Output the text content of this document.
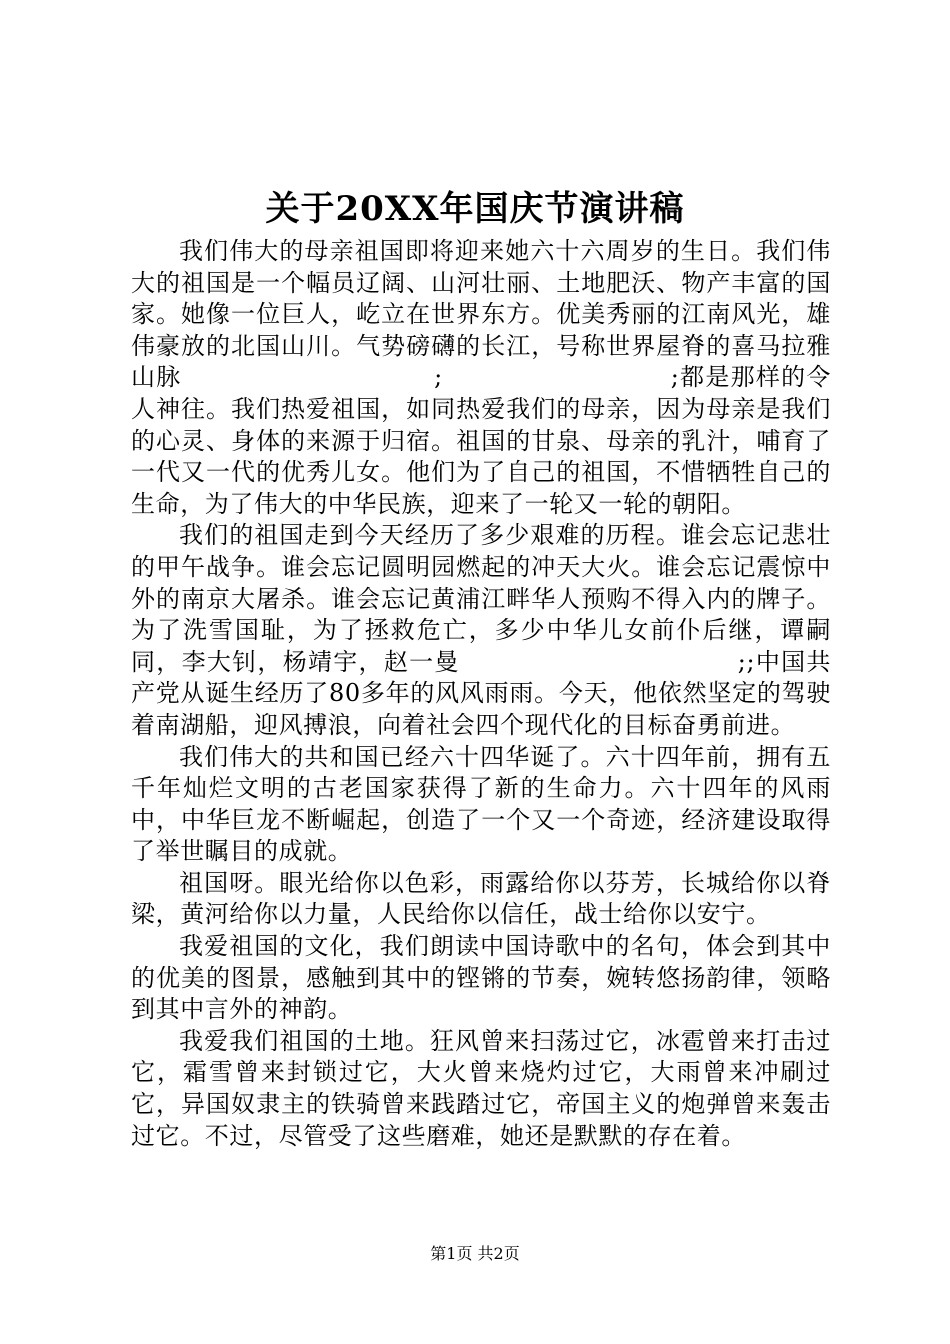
关于20XX年国庆节演讲稿

我们伟大的母亲祖国即将迎来她六十六周岁的生日。我们伟大的祖国是一个幅员辽阔、山河壮丽、土地肥沃、物产丰富的国家。她像一位巨人，屹立在世界东方。优美秀丽的江南风光，雄伟豪放的北国山川。气势磅礴的长江，号称世界屋脊的喜马拉雅山脉　　　　　　　　　　;　　　　　　　　　;都是那样的令人神往。我们热爱祖国，如同热爱我们的母亲，因为母亲是我们的心灵、身体的来源于归宿。祖国的甘泉、母亲的乳汁，哺育了一代又一代的优秀儿女。他们为了自己的祖国，不惜牺牲自己的生命，为了伟大的中华民族，迎来了一轮又一轮的朝阳。

我们的祖国走到今天经历了多少艰难的历程。谁会忘记悲壮的甲午战争。谁会忘记圆明园燃起的冲天大火。谁会忘记震惊中外的南京大屠杀。谁会忘记黄浦江畔华人预购不得入内的牌子。为了洗雪国耻，为了拯救危亡，多少中华儿女前仆后继，谭嗣同，李大钊，杨靖宇，赵一曼　　　　　　　　　　　;;中国共产党从诞生经历了80多年的风风雨雨。今天，他依然坚定的驾驶着南湖船，迎风搏浪，向着社会四个现代化的目标奋勇前进。

我们伟大的共和国已经六十四华诞了。六十四年前，拥有五千年灿烂文明的古老国家获得了新的生命力。六十四年的风雨中，中华巨龙不断崛起，创造了一个又一个奇迹，经济建设取得了举世瞩目的成就。

祖国呀。眼光给你以色彩，雨露给你以芬芳，长城给你以脊梁，黄河给你以力量，人民给你以信任，战士给你以安宁。

我爱祖国的文化，我们朗读中国诗歌中的名句，体会到其中的优美的图景，感触到其中的铿锵的节奏，婉转悠扬韵律，领略到其中言外的神韵。

我爱我们祖国的土地。狂风曾来扫荡过它，冰雹曾来打击过它，霜雪曾来封锁过它，大火曾来烧灼过它，大雨曾来冲刷过它，异国奴隶主的铁骑曾来践踏过它，帝国主义的炮弹曾来轰击过它。不过，尽管受了这些磨难，她还是默默的存在着。

第1页 共2页
